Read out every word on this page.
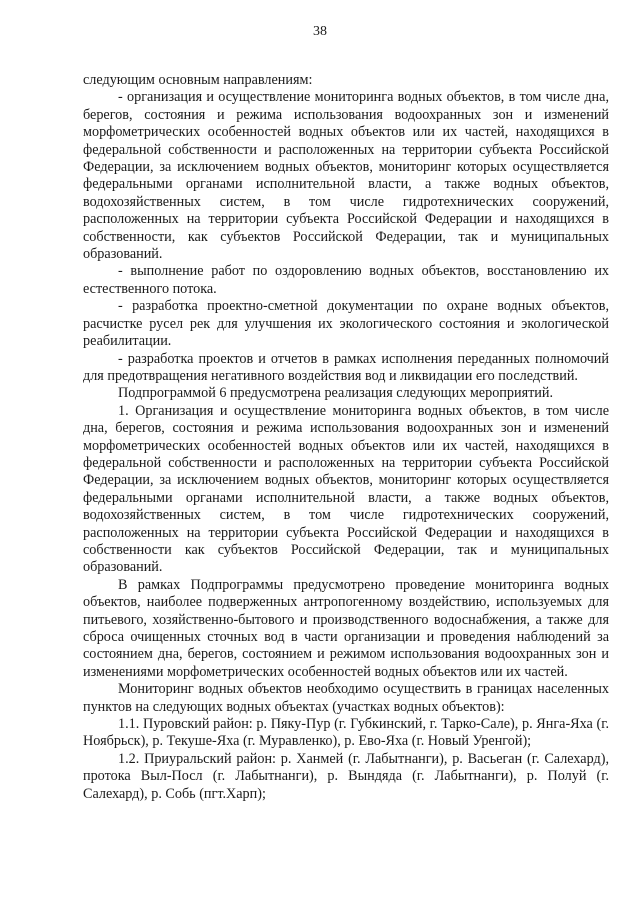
38

следующим основным направлениям:

- организация и осуществление мониторинга водных объектов, в том числе дна, берегов, состояния и режима использования водоохранных зон и изменений морфометрических особенностей водных объектов или их частей, находящихся в федеральной собственности и расположенных на территории субъекта Российской Федерации, за исключением водных объектов, мониторинг которых осуществляется федеральными органами исполнительной власти, а также водных объектов, водохозяйственных систем, в том числе гидротехнических сооружений, расположенных на территории субъекта Российской Федерации и находящихся в собственности, как субъектов Российской Федерации, так и муниципальных образований.

- выполнение работ по оздоровлению водных объектов, восстановлению их естественного потока.

- разработка проектно-сметной документации по охране водных объектов, расчистке русел рек для улучшения их экологического состояния и экологической реабилитации.

- разработка проектов и отчетов в рамках исполнения переданных полномочий для предотвращения негативного воздействия вод и ликвидации его последствий.

Подпрограммой 6 предусмотрена реализация следующих мероприятий.

1. Организация и осуществление мониторинга водных объектов, в том числе дна, берегов, состояния и режима использования водоохранных зон и изменений морфометрических особенностей водных объектов или их частей, находящихся в федеральной собственности и расположенных на территории субъекта Российской Федерации, за исключением водных объектов, мониторинг которых осуществляется федеральными органами исполнительной власти, а также водных объектов, водохозяйственных систем, в том числе гидротехнических сооружений, расположенных на территории субъекта Российской Федерации и находящихся в собственности как субъектов Российской Федерации, так и муниципальных образований.

В рамках Подпрограммы предусмотрено проведение мониторинга водных объектов, наиболее подверженных антропогенному воздействию, используемых для питьевого, хозяйственно-бытового и производственного водоснабжения, а также для сброса очищенных сточных вод в части организации и проведения наблюдений за состоянием дна, берегов, состоянием и режимом использования водоохранных зон и изменениями морфометрических особенностей водных объектов или их частей.

Мониторинг водных объектов необходимо осуществить в границах населенных пунктов на следующих водных объектах (участках водных объектов):

1.1. Пуровский район: р. Пяку-Пур (г. Губкинский, г. Тарко-Сале), р. Янга-Яха (г. Ноябрьск), р. Текуше-Яха (г. Муравленко), р. Ево-Яха (г. Новый Уренгой);

1.2. Приуральский район: р. Ханмей (г. Лабытнанги), р. Васьеган (г. Салехард), протока Выл-Посл (г. Лабытнанги), р. Вындяда (г. Лабытнанги), р. Полуй (г. Салехард), р. Собь (пгт.Харп);
